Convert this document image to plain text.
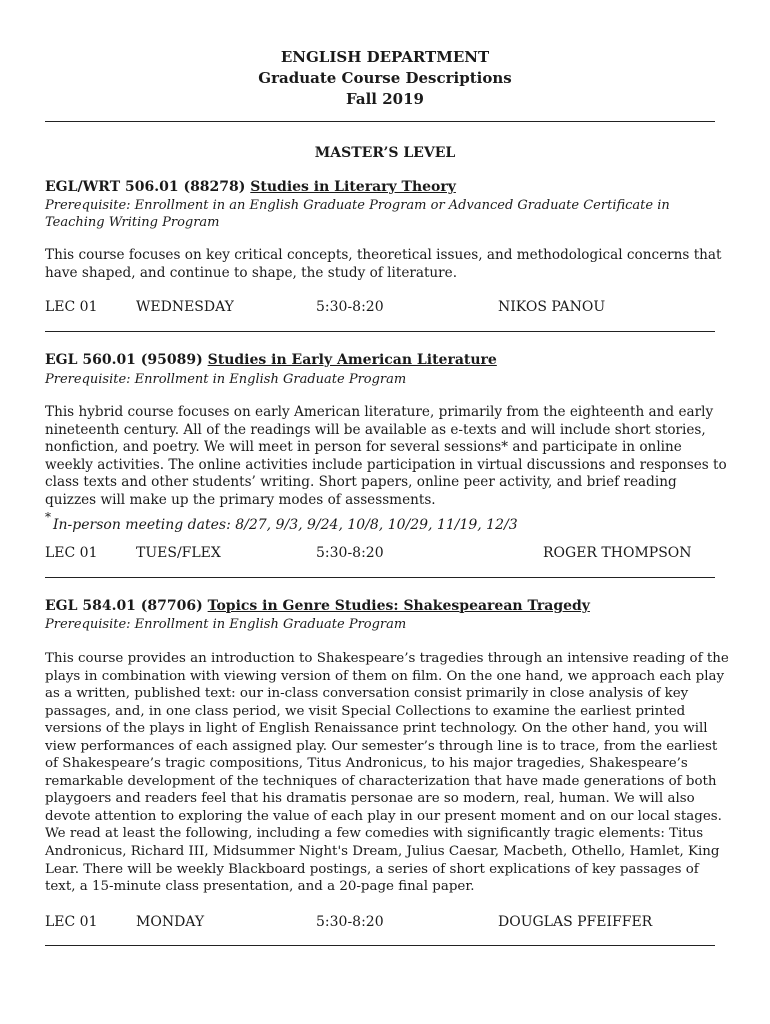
ENGLISH DEPARTMENT
Graduate Course Descriptions
Fall 2019
MASTER’S LEVEL
EGL/WRT 506.01 (88278) Studies in Literary Theory
Prerequisite: Enrollment in an English Graduate Program or Advanced Graduate Certificate in Teaching Writing Program
This course focuses on key critical concepts, theoretical issues, and methodological concerns that have shaped, and continue to shape, the study of literature.
LEC 01	WEDNESDAY	5:30-8:20	NIKOS PANOU
EGL 560.01 (95089) Studies in Early American Literature
Prerequisite: Enrollment in English Graduate Program
This hybrid course focuses on early American literature, primarily from the eighteenth and early nineteenth century. All of the readings will be available as e-texts and will include short stories, nonfiction, and poetry. We will meet in person for several sessions* and participate in online weekly activities. The online activities include participation in virtual discussions and responses to class texts and other students’ writing. Short papers, online peer activity, and brief reading quizzes will make up the primary modes of assessments.
* In-person meeting dates: 8/27, 9/3, 9/24, 10/8, 10/29, 11/19, 12/3
LEC 01	TUES/FLEX	5:30-8:20	ROGER THOMPSON
EGL 584.01 (87706) Topics in Genre Studies: Shakespearean Tragedy
Prerequisite: Enrollment in English Graduate Program
This course provides an introduction to Shakespeare’s tragedies through an intensive reading of the plays in combination with viewing version of them on film. On the one hand, we approach each play as a written, published text: our in-class conversation consist primarily in close analysis of key passages, and, in one class period, we visit Special Collections to examine the earliest printed versions of the plays in light of English Renaissance print technology. On the other hand, you will view performances of each assigned play. Our semester’s through line is to trace, from the earliest of Shakespeare’s tragic compositions, Titus Andronicus, to his major tragedies, Shakespeare’s remarkable development of the techniques of characterization that have made generations of both playgoers and readers feel that his dramatis personae are so modern, real, human. We will also devote attention to exploring the value of each play in our present moment and on our local stages. We read at least the following, including a few comedies with significantly tragic elements: Titus Andronicus, Richard III, Midsummer Night's Dream, Julius Caesar, Macbeth, Othello, Hamlet, King Lear. There will be weekly Blackboard postings, a series of short explications of key passages of text, a 15-minute class presentation, and a 20-page final paper.
LEC 01	MONDAY	5:30-8:20	DOUGLAS PFEIFFER
